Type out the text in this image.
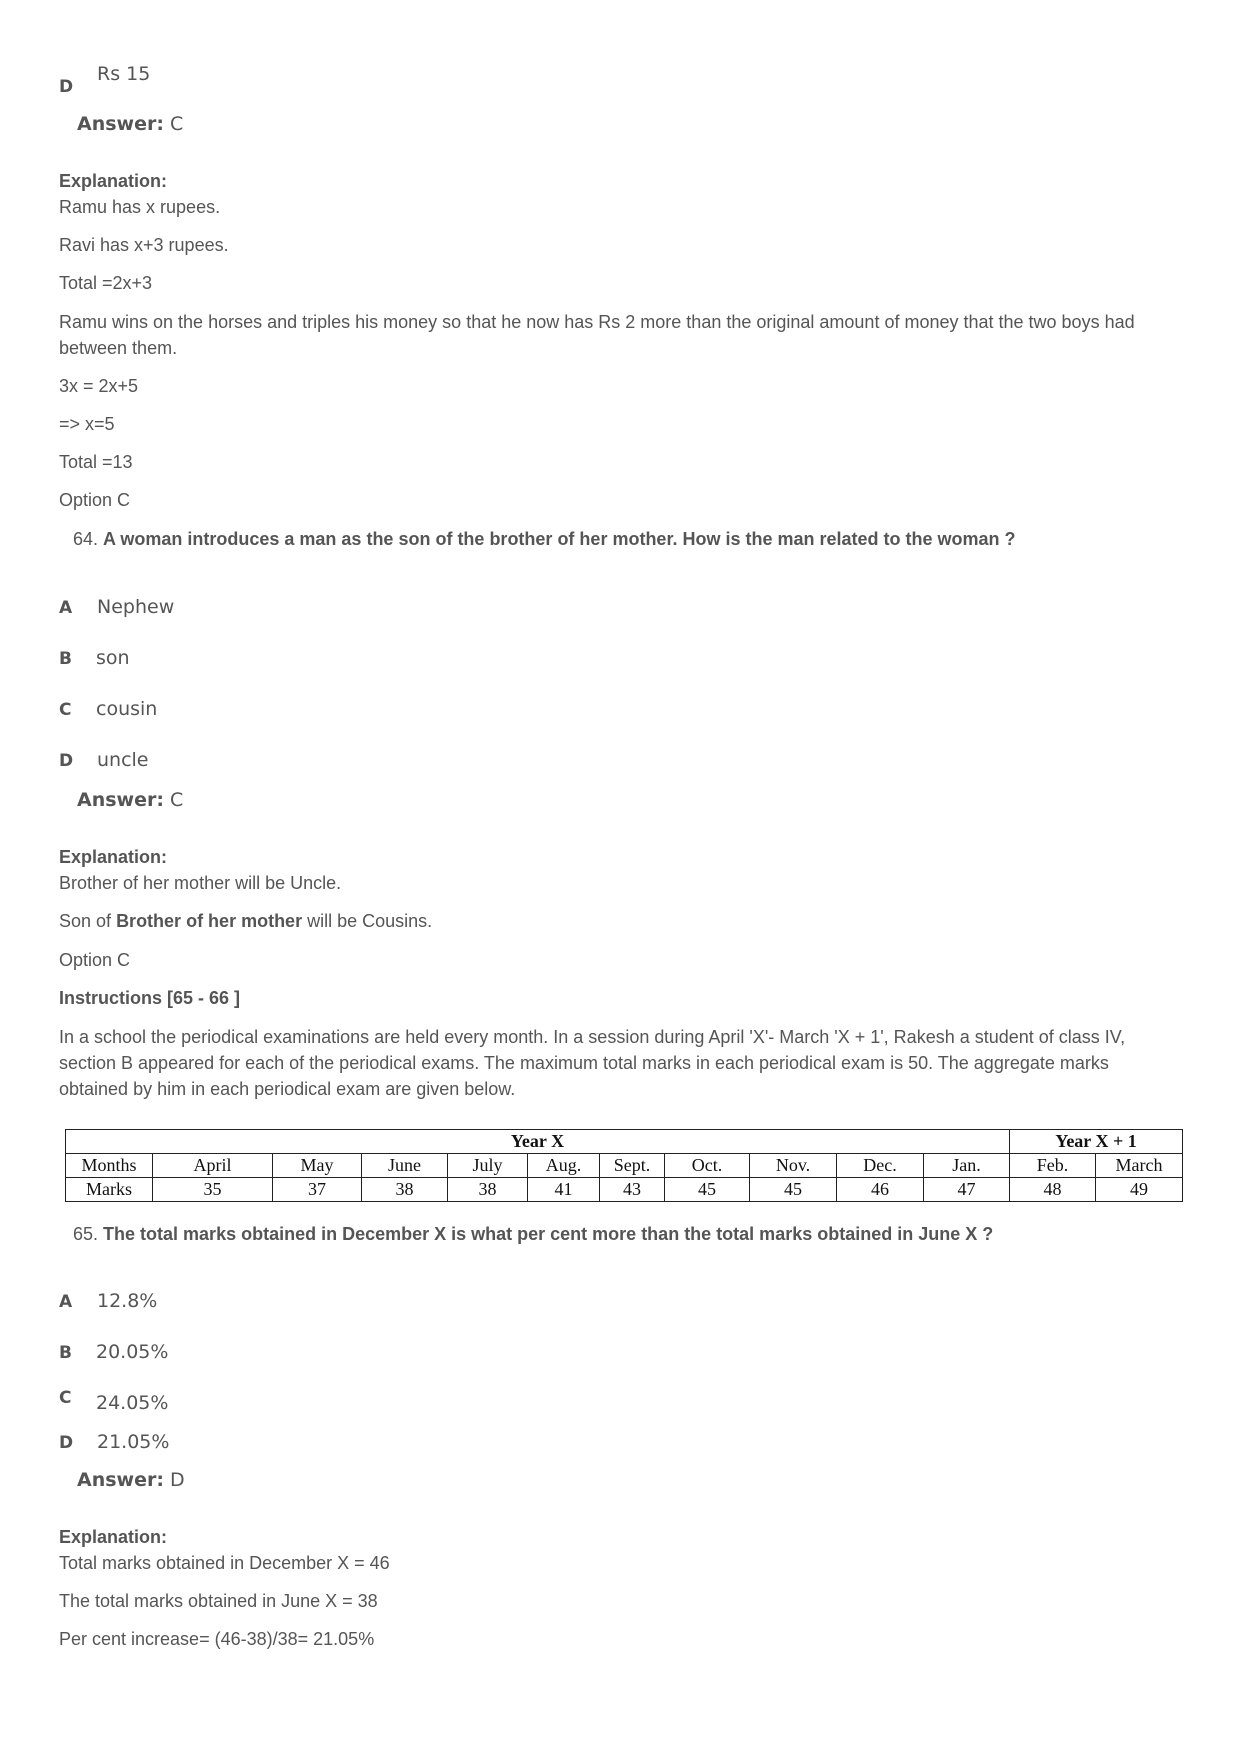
D
Rs 15
Answer: C
Explanation:
Ramu has x rupees.
Ravi has x+3 rupees.
Total =2x+3
Ramu wins on the horses and triples his money so that he now has Rs 2 more than the original amount of money that the two boys had between them.
3x = 2x+5
=> x=5
Total =13
Option C
64. A woman introduces a man as the son of the brother of her mother. How is the man related to the woman ?
A Nephew
B son
C cousin
D uncle
Answer: C
Explanation:
Brother of her mother will be Uncle.
Son of Brother of her mother will be Cousins.
Option C
Instructions [65 - 66 ]
In a school the periodical examinations are held every month. In a session during April 'X'- March 'X + 1', Rakesh a student of class IV, section B appeared for each of the periodical exams. The maximum total marks in each periodical exam is 50. The aggregate marks obtained by him in each periodical exam are given below.
Year X											Year X + 1	
Months	April	May	June	July	Aug.	Sept.	Oct.	Nov.	Dec.	Jan.	Feb.	March
Marks	35	37	38	38	41	43	45	45	46	47	48	49
65. The total marks obtained in December X is what per cent more than the total marks obtained in June X ?
A 12.8%
B 20.05%
C 24.05%
D 21.05%
Answer: D
Explanation:
Total marks obtained in December X = 46
The total marks obtained in June X = 38
Per cent increase= (46-38)/38= 21.05%
